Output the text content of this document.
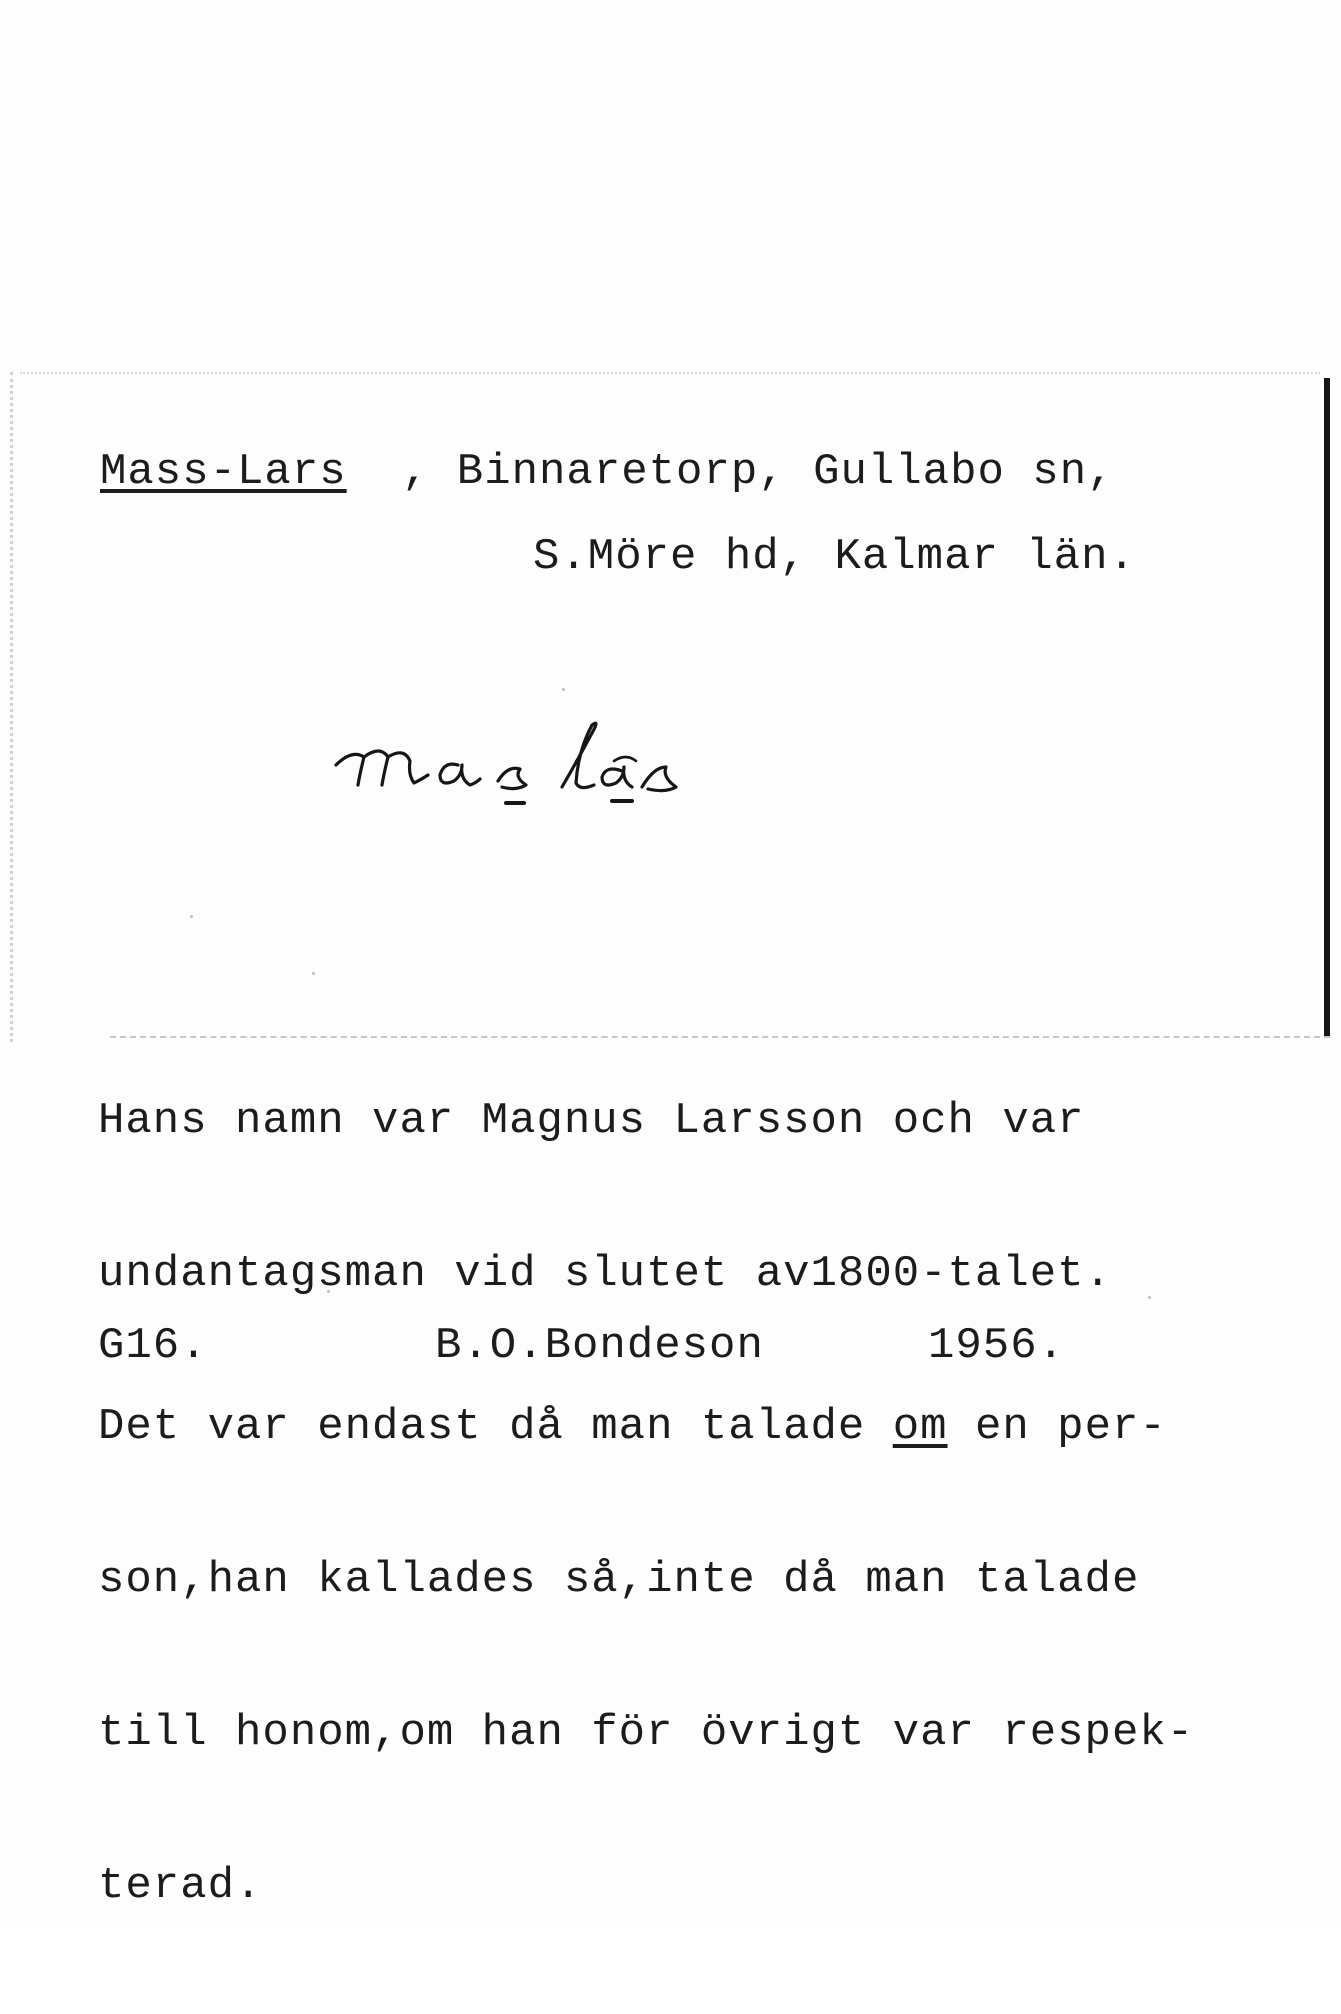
Mass-Lars , Binnaretorp, Gullabo sn,
S.Möre hd, Kalmar län.

Hans namn var Magnus Larsson och var

undantagsman vid slutet av1800-talet.

Det var endast då man talade om en per-

son,han kallades så,inte då man talade

till honom,om han för övrigt var respek-

terad.

G16.	B.O.Bondeson	1956.
